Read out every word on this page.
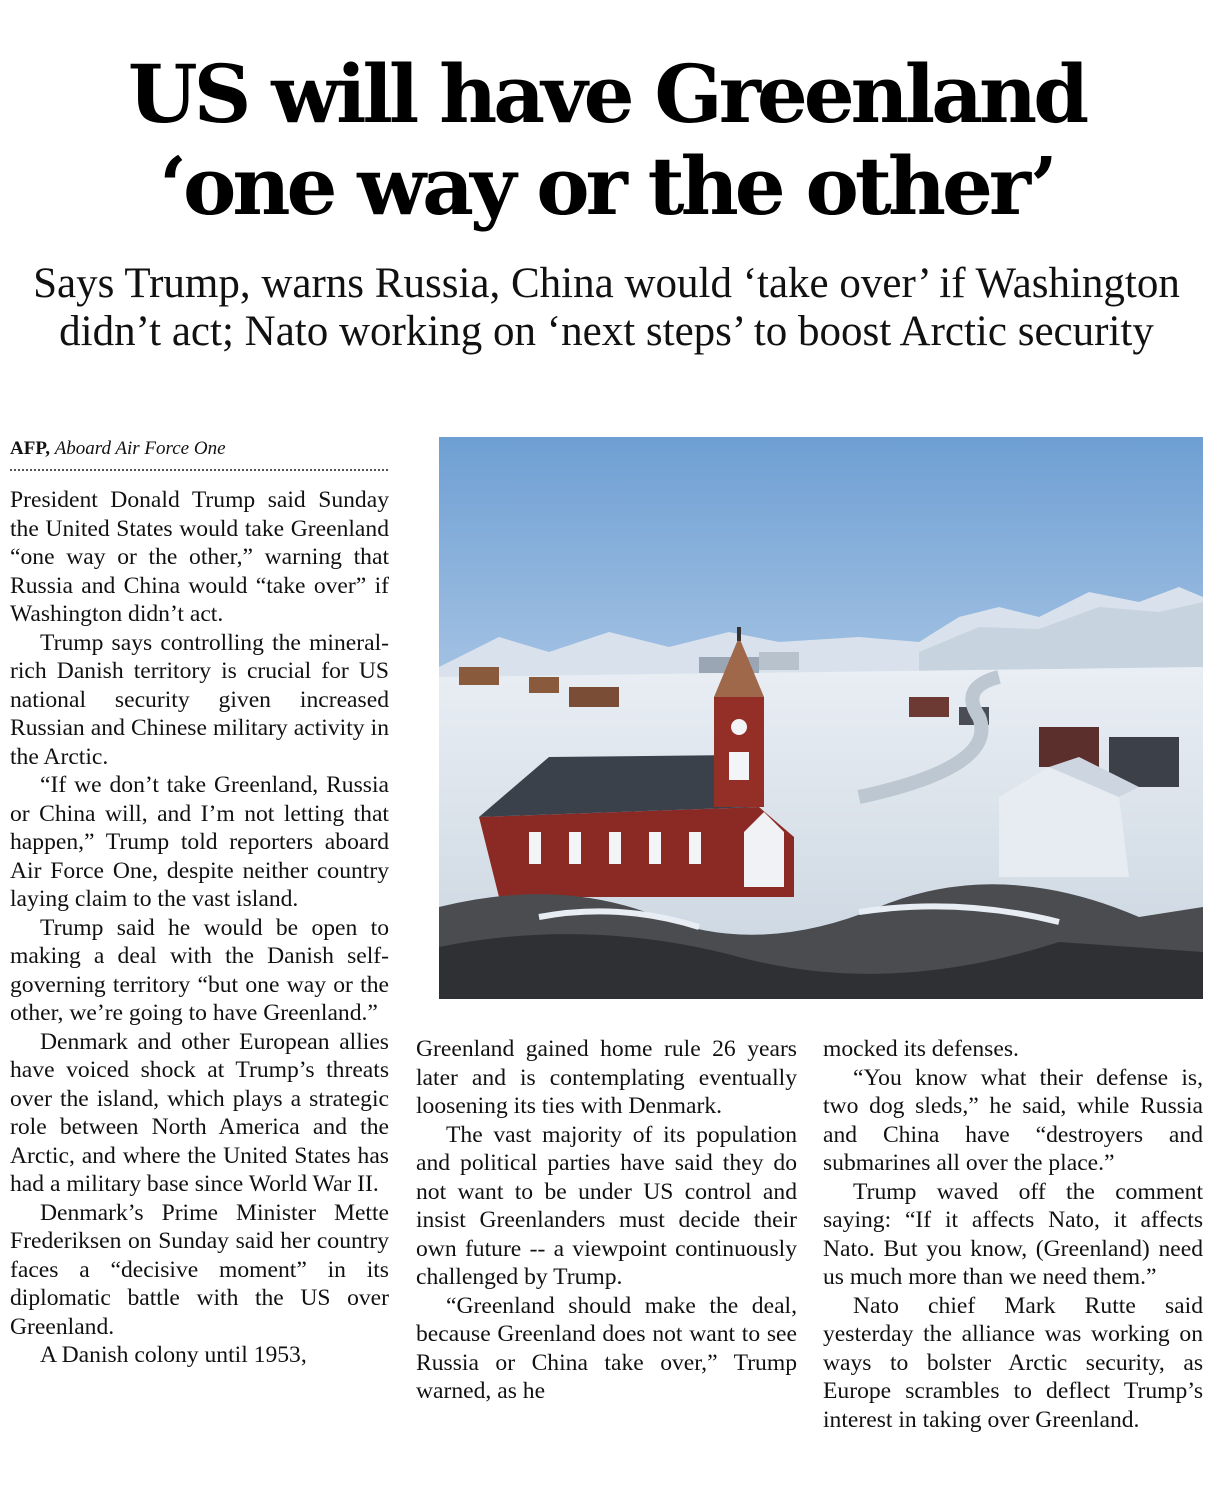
US will have Greenland
‘one way or the other’
Says Trump, warns Russia, China would ‘take over’ if Washington didn’t act; Nato working on ‘next steps’ to boost Arctic security
AFP, Aboard Air Force One

President Donald Trump said Sunday the United States would take Greenland “one way or the other,” warning that Russia and China would “take over” if Washington didn’t act.

Trump says controlling the mineral-rich Danish territory is crucial for US national security given increased Russian and Chinese military activity in the Arctic.

“If we don’t take Greenland, Russia or China will, and I’m not letting that happen,” Trump told reporters aboard Air Force One, despite neither country laying claim to the vast island.

Trump said he would be open to making a deal with the Danish self-governing territory “but one way or the other, we’re going to have Greenland.”

Denmark and other European allies have voiced shock at Trump’s threats over the island, which plays a strategic role between North America and the Arctic, and where the United States has had a military base since World War II.

Denmark’s Prime Minister Mette Frederiksen on Sunday said her country faces a “decisive moment” in its diplomatic battle with the US over Greenland.

A Danish colony until 1953,

Greenland gained home rule 26 years later and is contemplating eventually loosening its ties with Denmark.

The vast majority of its population and political parties have said they do not want to be under US control and insist Greenlanders must decide their own future -- a viewpoint continuously challenged by Trump.

“Greenland should make the deal, because Greenland does not want to see Russia or China take over,” Trump warned, as he

mocked its defenses.

“You know what their defense is, two dog sleds,” he said, while Russia and China have “destroyers and submarines all over the place.”

Trump waved off the comment saying: “If it affects Nato, it affects Nato. But you know, (Greenland) need us much more than we need them.”

Nato chief Mark Rutte said yesterday the alliance was working on ways to bolster Arctic security, as Europe scrambles to deflect Trump’s interest in taking over Greenland.
